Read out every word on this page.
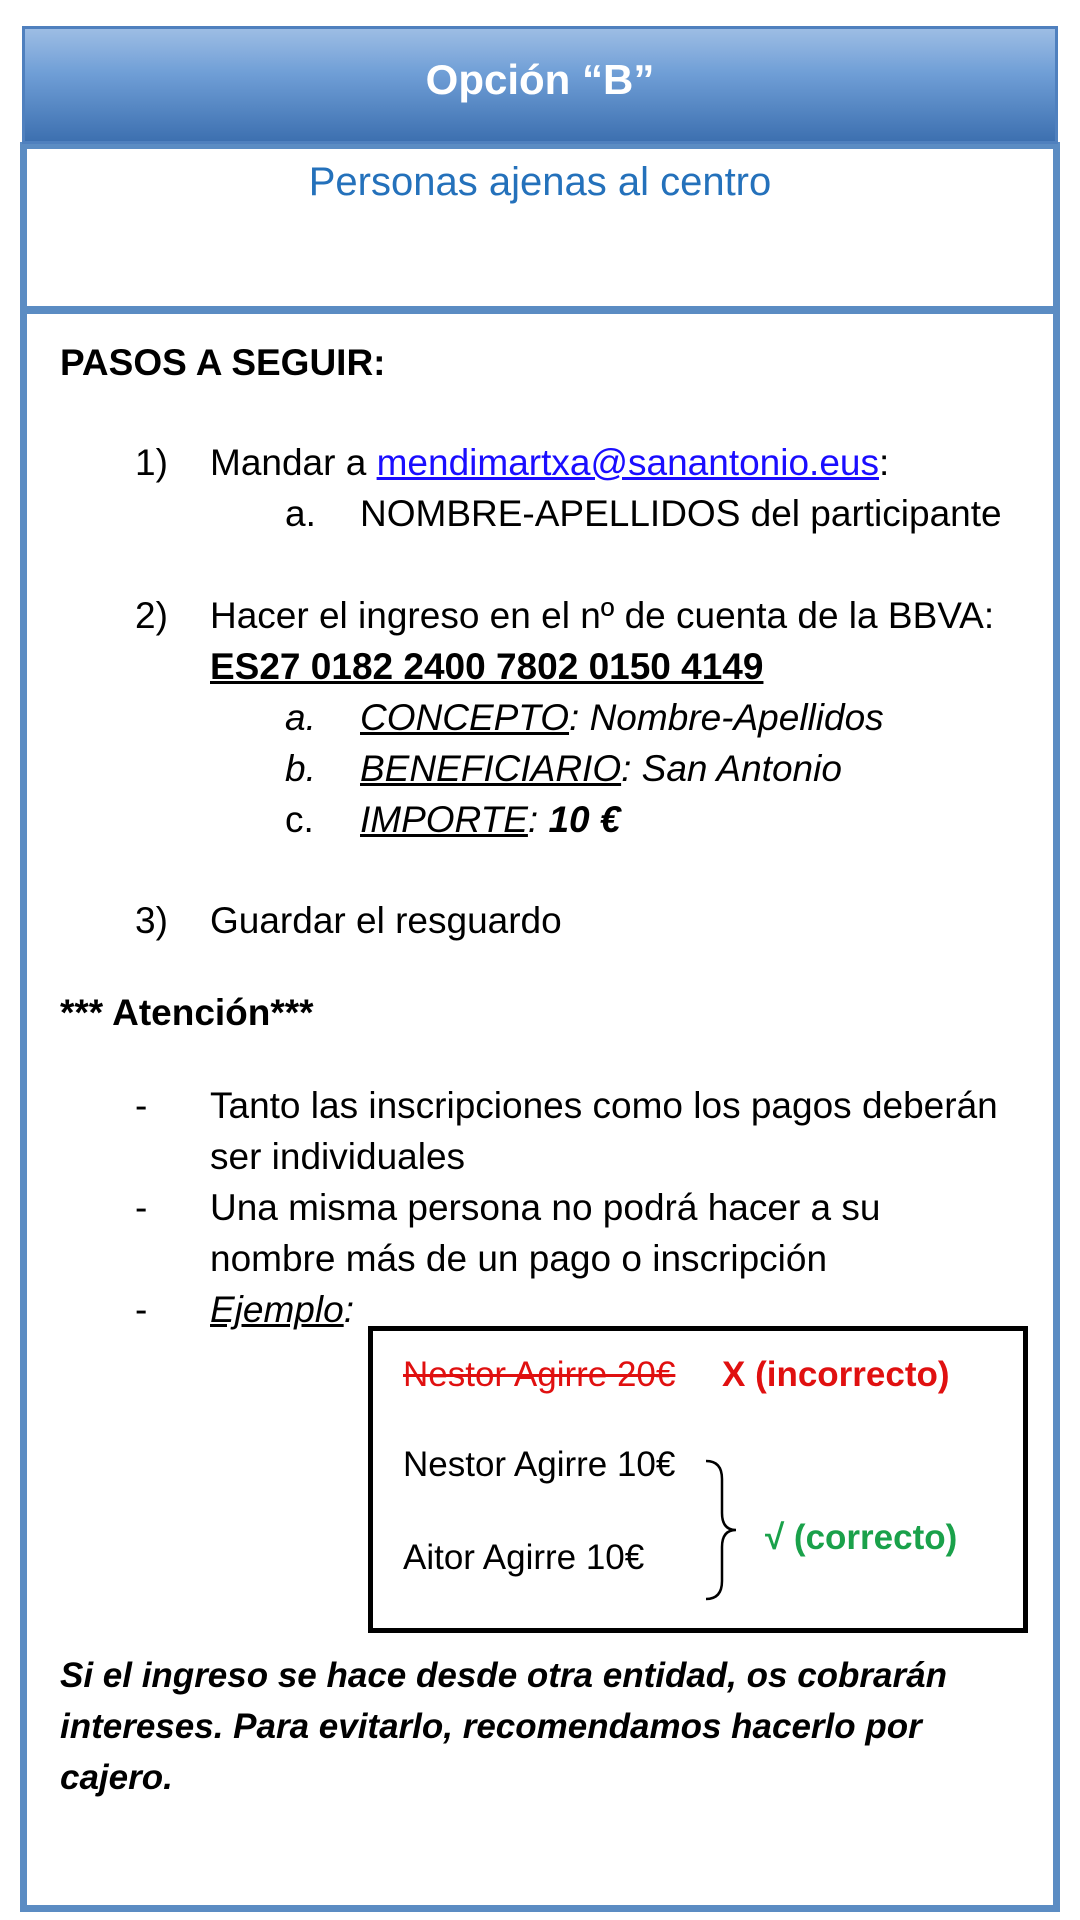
Opción “B”
Personas ajenas al centro
PASOS A SEGUIR:
1) Mandar a mendimartxa@sanantonio.eus:
a. NOMBRE-APELLIDOS del participante
2) Hacer el ingreso en el nº de cuenta de la BBVA:
ES27 0182 2400 7802 0150 4149
a. CONCEPTO: Nombre-Apellidos
b. BENEFICIARIO: San Antonio
c. IMPORTE: 10 €
3) Guardar el resguardo
*** Atención***
- Tanto las inscripciones como los pagos deberán
ser individuales
- Una misma persona no podrá hacer a su
nombre más de un pago o inscripción
- Ejemplo:
Nestor Agirre 20€ X (incorrecto)
Nestor Agirre 10€
Aitor Agirre 10€
√ (correcto)
Si el ingreso se hace desde otra entidad, os cobrarán intereses. Para evitarlo, recomendamos hacerlo por cajero.
